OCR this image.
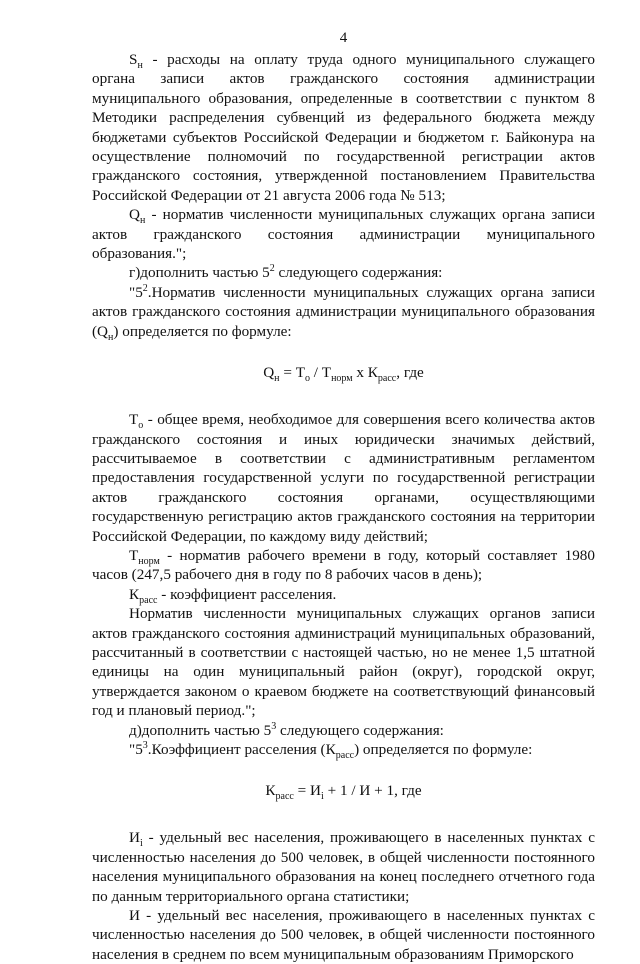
4

$S_н$ - расходы на оплату труда одного муниципального служащего органа записи актов гражданского состояния администрации муниципального образования, определенные в соответствии с пунктом 8 Методики распределения субвенций из федерального бюджета между бюджетами субъектов Российской Федерации и бюджетом г. Байконура на осуществление полномочий по государственной регистрации актов гражданского состояния, утвержденной постановлением Правительства Российской Федерации от 21 августа 2006 года № 513;

$Q_н$ - норматив численности муниципальных служащих органа записи актов гражданского состояния администрации муниципального образования.";

г)дополнить частью $5^2$ следующего содержания:

"$5^2.Норматив$ численности муниципальных служащих органа записи актов гражданского состояния администрации муниципального образования $(Q_н)$ определяется по формуле:

$Q_н = Т_о / Т_{норм}$ х $К_{расс}$, где

$Т_о$ - общее время, необходимое для совершения всего количества актов гражданского состояния и иных юридически значимых действий, рассчитываемое в соответствии с административным регламентом предоставления государственной услуги по государственной регистрации актов гражданского состояния органами, осуществляющими государственную регистрацию актов гражданского состояния на территории Российской Федерации, по каждому виду действий;

$Т_{норм}$ - норматив рабочего времени в году, который составляет 1980 часов (247,5 рабочего дня в году по 8 рабочих часов в день);

$К_{расс}$ - коэффициент расселения.

Норматив численности муниципальных служащих органов записи актов гражданского состояния администраций муниципальных образований, рассчитанный в соответствии с настоящей частью, но не менее 1,5 штатной единицы на один муниципальный район (округ), городской округ, утверждается законом о краевом бюджете на соответствующий финансовый год и плановый период.";

д)дополнить частью $5^3$ следующего содержания:

"$5^3.Коэффициент$ расселения $(К_{расс})$ определяется по формуле:

$К_{расс} = И_i + 1 / И + 1$, где

$И_i$ - удельный вес населения, проживающего в населенных пунктах с численностью населения до 500 человек, в общей численности постоянного населения муниципального образования на конец последнего отчетного года по данным территориального органа статистики;

И - удельный вес населения, проживающего в населенных пунктах с численностью населения до 500 человек, в общей численности постоянного населения в среднем по всем муниципальным образованиям Приморского
